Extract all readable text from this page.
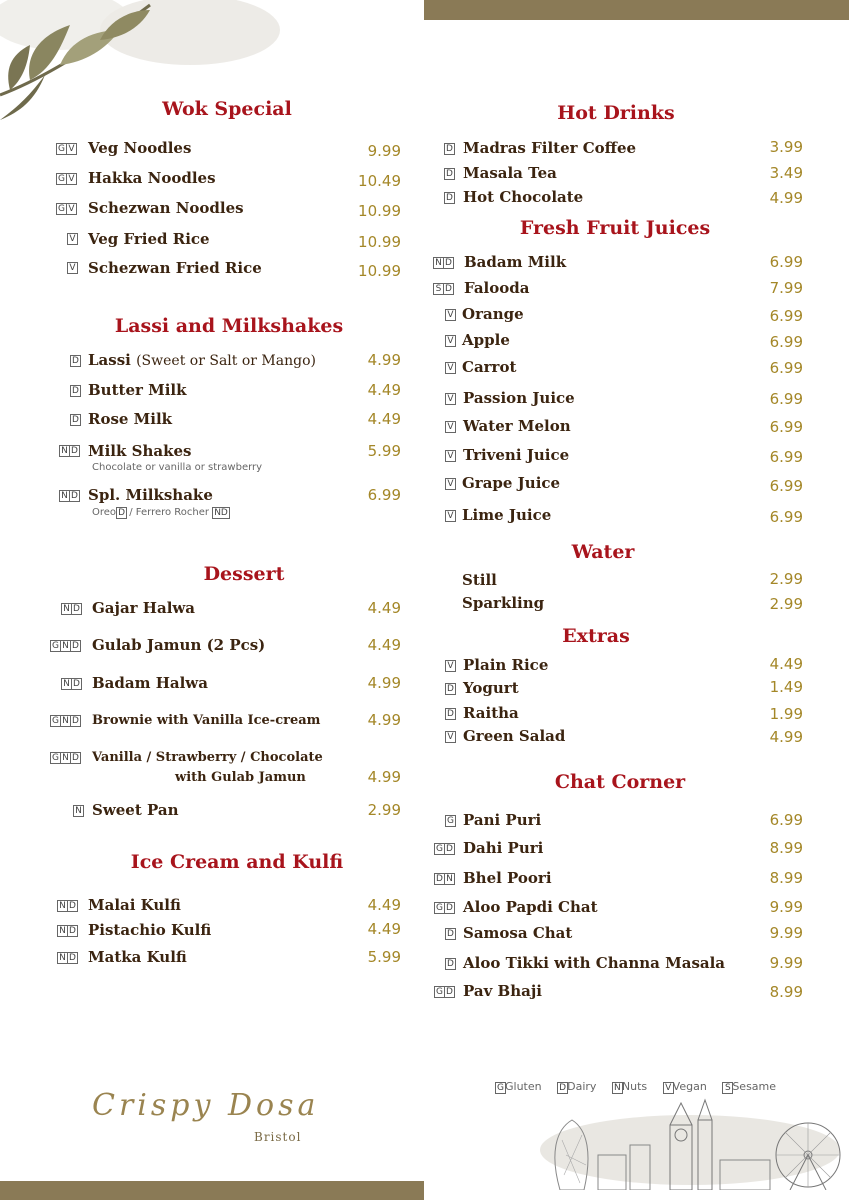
Wok Special
G V Veg Noodles	9.99
G V Hakka Noodles	10.49
G V Schezwan Noodles	10.99
V Veg Fried Rice	10.99
V Schezwan Fried Rice	10.99
Lassi and Milkshakes
D Lassi (Sweet or Salt or Mango)	4.99
D Butter Milk	4.49
D Rose Milk	4.49
N D Milk Shakes
Chocolate or vanilla or strawberry
5.99
N D Spl. Milkshake
Oreo D / Ferrero Rocher ND
6.99
Dessert
N D Gajar Halwa	4.49
G N D Gulab Jamun (2 Pcs)	4.49
N D Badam Halwa	4.99
G N D Brownie with Vanilla Ice-cream	4.99
G N D Vanilla / Strawberry / Chocolate
with Gulab Jamun	4.99
N Sweet Pan	2.99
Ice Cream and Kulfi
N D Malai Kulfi	4.49
N D Pistachio Kulfi	4.49
N D Matka Kulfi	5.99
Hot Drinks
D Madras Filter Coffee	3.99
D Masala Tea	3.49
D Hot Chocolate	4.99
Fresh Fruit Juices
N D Badam Milk	6.99
S D Falooda	7.99
V Orange	6.99
V Apple	6.99
V Carrot	6.99
V Passion Juice	6.99
V Water Melon	6.99
V Triveni Juice	6.99
V Grape Juice	6.99
V Lime Juice	6.99
Water
Still	2.99
Sparkling	2.99
Extras
V Plain Rice	4.49
D Yogurt	1.49
D Raitha	1.99
V Green Salad	4.99
Chat Corner
G Pani Puri	6.99
G D Dahi Puri	8.99
D N Bhel Poori	8.99
G D Aloo Papdi Chat	9.99
D Samosa Chat	9.99
D Aloo Tikki with Channa Masala	9.99
G D Pav Bhaji	8.99
GGluten DDairy NNuts VVegan S Sesame
Crispy Dosa
Bristol
